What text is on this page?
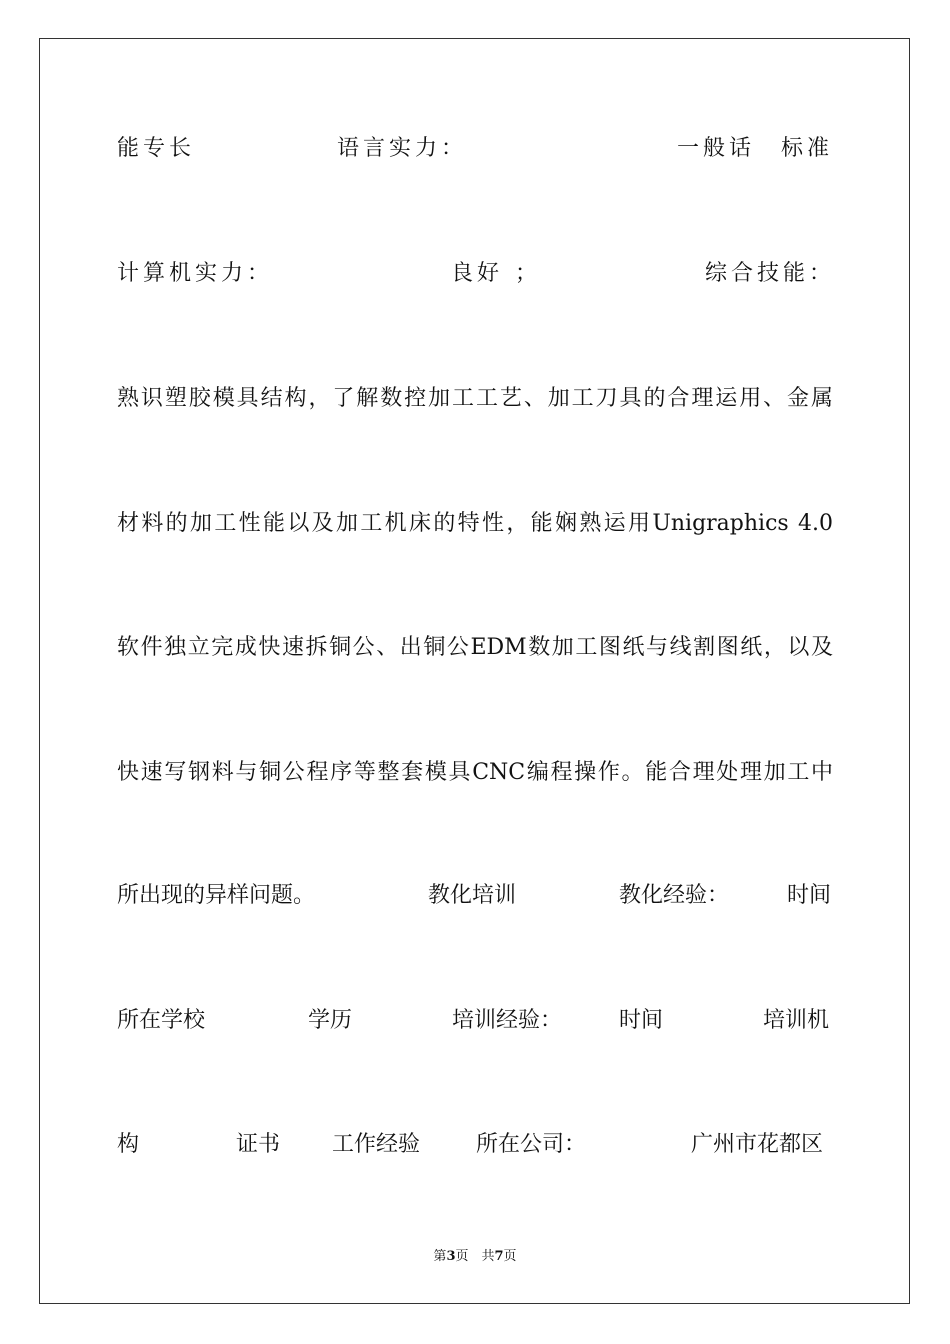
能专长	语言实力：	一般话 标准
计算机实力：	良好 ；	综合技能：
熟识塑胶模具结构，了解数控加工工艺、加工刀具的合理运用、金属
材料的加工性能以及加工机床的特性，能娴熟运用Unigraphics 4.0
软件独立完成快速拆铜公、出铜公EDM数加工图纸与线割图纸，以及
快速写钢料与铜公程序等整套模具CNC编程操作。能合理处理加工中
所出现的异样问题。	教化培训	教化经验：	时间
所在学校	学历	培训经验：	时间	培训机
构	证书 工作经验	所在公司：	广州市花都区
第3页　共7页
